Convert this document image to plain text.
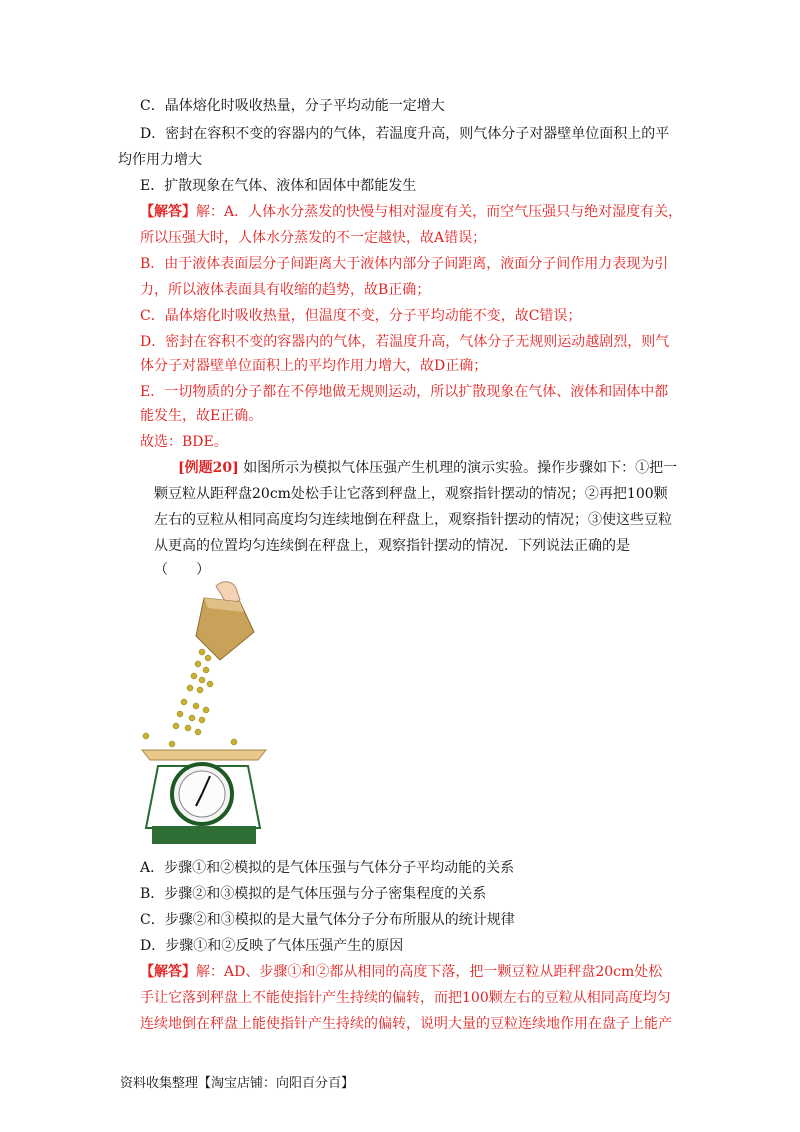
C．晶体熔化时吸收热量，分子平均动能一定增大
D．密封在容积不变的容器内的气体，若温度升高，则气体分子对器壁单位面积上的平
均作用力增大
E．扩散现象在气体、液体和固体中都能发生
【解答】解：A．人体水分蒸发的快慢与相对湿度有关，而空气压强只与绝对湿度有关，
所以压强大时，人体水分蒸发的不一定越快，故A错误；
B．由于液体表面层分子间距离大于液体内部分子间距离，液面分子间作用力表现为引
力，所以液体表面具有收缩的趋势，故B正确；
C．晶体熔化时吸收热量，但温度不变，分子平均动能不变，故C错误；
D．密封在容积不变的容器内的气体，若温度升高，气体分子无规则运动越剧烈，则气
体分子对器壁单位面积上的平均作用力增大，故D正确；
E．一切物质的分子都在不停地做无规则运动，所以扩散现象在气体、液体和固体中都
能发生，故E正确。
故选：BDE。
[例题20] 如图所示为模拟气体压强产生机理的演示实验。操作步骤如下：①把一
颗豆粒从距秤盘20cm处松手让它落到秤盘上，观察指针摆动的情况；②再把100颗
左右的豆粒从相同高度均匀连续地倒在秤盘上，观察指针摆动的情况；③使这些豆粒
从更高的位置均匀连续倒在秤盘上，观察指针摆动的情况．下列说法正确的是
（　　）
A．步骤①和②模拟的是气体压强与气体分子平均动能的关系
B．步骤②和③模拟的是气体压强与分子密集程度的关系
C．步骤②和③模拟的是大量气体分子分布所服从的统计规律
D．步骤①和②反映了气体压强产生的原因
【解答】解：AD、步骤①和②都从相同的高度下落，把一颗豆粒从距秤盘20cm处松
手让它落到秤盘上不能使指针产生持续的偏转，而把100颗左右的豆粒从相同高度均匀
连续地倒在秤盘上能使指针产生持续的偏转，说明大量的豆粒连续地作用在盘子上能产
资料收集整理【淘宝店铺：向阳百分百】
